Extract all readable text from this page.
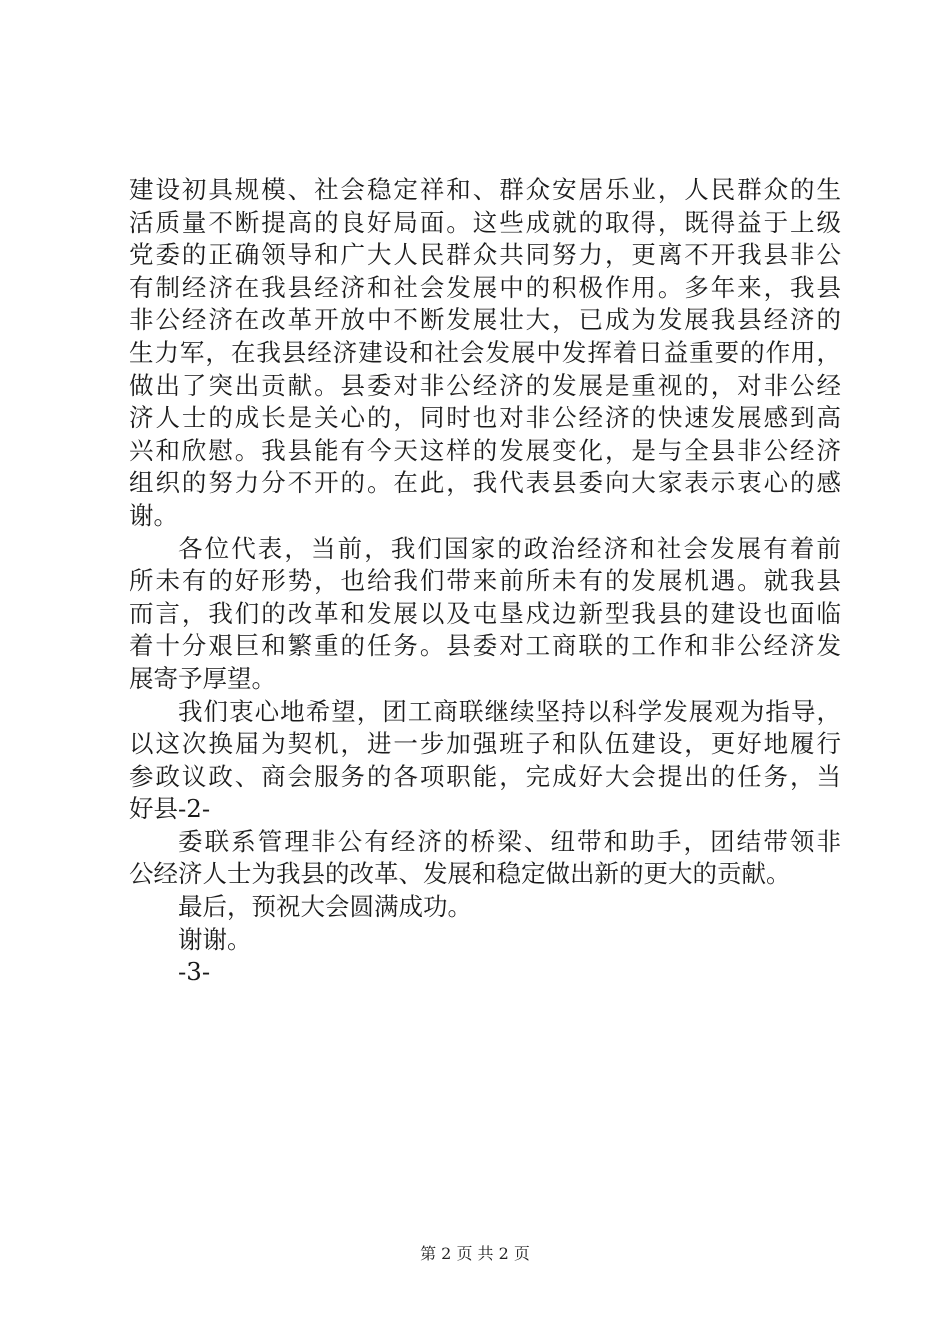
建设初具规模、社会稳定祥和、群众安居乐业，人民群众的生
活质量不断提高的良好局面。这些成就的取得，既得益于上级
党委的正确领导和广大人民群众共同努力，更离不开我县非公
有制经济在我县经济和社会发展中的积极作用。多年来，我县
非公经济在改革开放中不断发展壮大，已成为发展我县经济的
生力军，在我县经济建设和社会发展中发挥着日益重要的作用，
做出了突出贡献。县委对非公经济的发展是重视的，对非公经
济人士的成长是关心的，同时也对非公经济的快速发展感到高
兴和欣慰。我县能有今天这样的发展变化，是与全县非公经济
组织的努力分不开的。在此，我代表县委向大家表示衷心的感
谢。
各位代表，当前，我们国家的政治经济和社会发展有着前
所未有的好形势，也给我们带来前所未有的发展机遇。就我县
而言，我们的改革和发展以及屯垦戍边新型我县的建设也面临
着十分艰巨和繁重的任务。县委对工商联的工作和非公经济发
展寄予厚望。
我们衷心地希望，团工商联继续坚持以科学发展观为指导，
以这次换届为契机，进一步加强班子和队伍建设，更好地履行
参政议政、商会服务的各项职能，完成好大会提出的任务，当
好县-2-
委联系管理非公有经济的桥梁、纽带和助手，团结带领非
公经济人士为我县的改革、发展和稳定做出新的更大的贡献。
最后，预祝大会圆满成功。
谢谢。
-3-
第 2 页 共 2 页
